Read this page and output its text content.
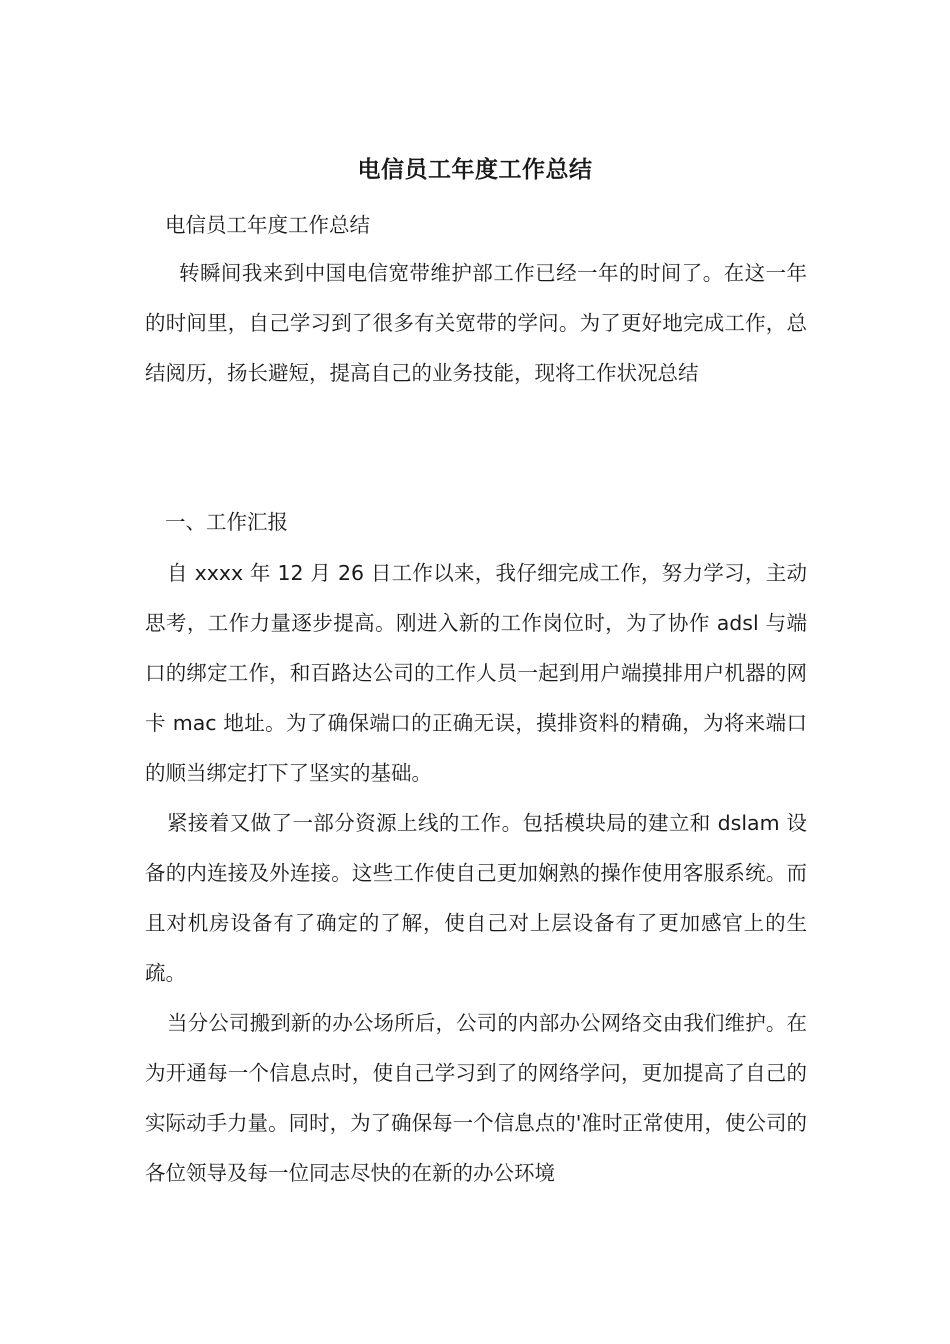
电信员工年度工作总结
电信员工年度工作总结

转瞬间我来到中国电信宽带维护部工作已经一年的时间了。在这一年的时间里，自己学习到了很多有关宽带的学问。为了更好地完成工作，总结阅历，扬长避短，提高自己的业务技能，现将工作状况总结

一、工作汇报

自 xxxx 年 12 月 26 日工作以来，我仔细完成工作，努力学习，主动思考，工作力量逐步提高。刚进入新的工作岗位时，为了协作 adsl 与端口的绑定工作，和百路达公司的工作人员一起到用户端摸排用户机器的网卡 mac 地址。为了确保端口的正确无误，摸排资料的精确，为将来端口的顺当绑定打下了坚实的基础。

紧接着又做了一部分资源上线的工作。包括模块局的建立和 dslam 设备的内连接及外连接。这些工作使自己更加娴熟的操作使用客服系统。而且对机房设备有了确定的了解，使自己对上层设备有了更加感官上的生疏。

当分公司搬到新的办公场所后，公司的内部办公网络交由我们维护。在为开通每一个信息点时，使自己学习到了的网络学问，更加提高了自己的实际动手力量。同时，为了确保每一个信息点的'准时正常使用，使公司的各位领导及每一位同志尽快的在新的办公环境
